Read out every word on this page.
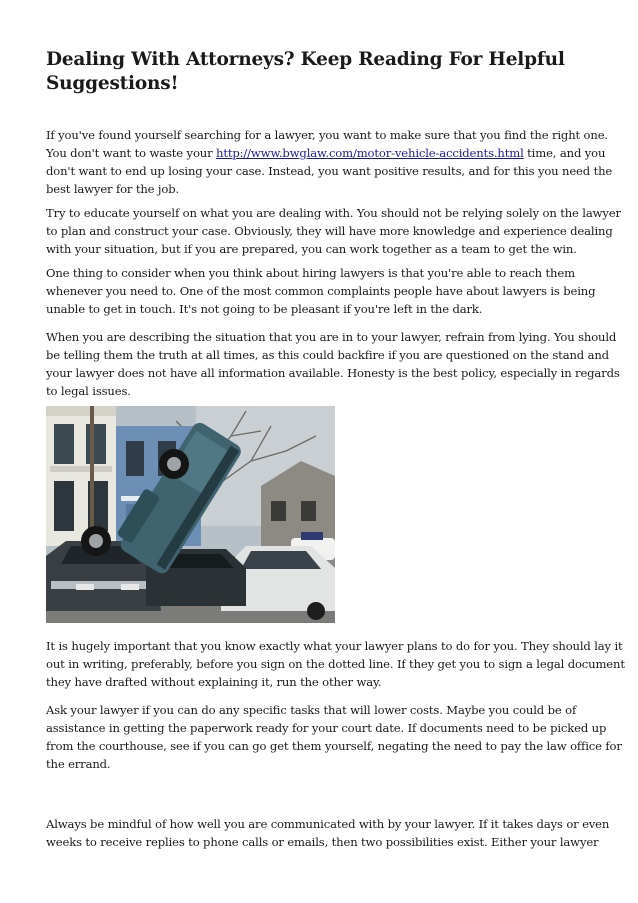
Dealing With Attorneys? Keep Reading For Helpful
Suggestions!

If you've found yourself searching for a lawyer, you want to make sure that you find the right one.
You don't want to waste your http://www.bwglaw.com/motor-vehicle-accidents.html time, and you
don't want to end up losing your case. Instead, you want positive results, and for this you need the
best lawyer for the job.

Try to educate yourself on what you are dealing with. You should not be relying solely on the lawyer
to plan and construct your case. Obviously, they will have more knowledge and experience dealing
with your situation, but if you are prepared, you can work together as a team to get the win.

One thing to consider when you think about hiring lawyers is that you're able to reach them
whenever you need to. One of the most common complaints people have about lawyers is being
unable to get in touch. It's not going to be pleasant if you're left in the dark.

When you are describing the situation that you are in to your lawyer, refrain from lying. You should
be telling them the truth at all times, as this could backfire if you are questioned on the stand and
your lawyer does not have all information available. Honesty is the best policy, especially in regards
to legal issues.

It is hugely important that you know exactly what your lawyer plans to do for you. They should lay it
out in writing, preferably, before you sign on the dotted line. If they get you to sign a legal document
they have drafted without explaining it, run the other way.

Ask your lawyer if you can do any specific tasks that will lower costs. Maybe you could be of
assistance in getting the paperwork ready for your court date. If documents need to be picked up
from the courthouse, see if you can go get them yourself, negating the need to pay the law office for
the errand.

Always be mindful of how well you are communicated with by your lawyer. If it takes days or even
weeks to receive replies to phone calls or emails, then two possibilities exist. Either your lawyer
